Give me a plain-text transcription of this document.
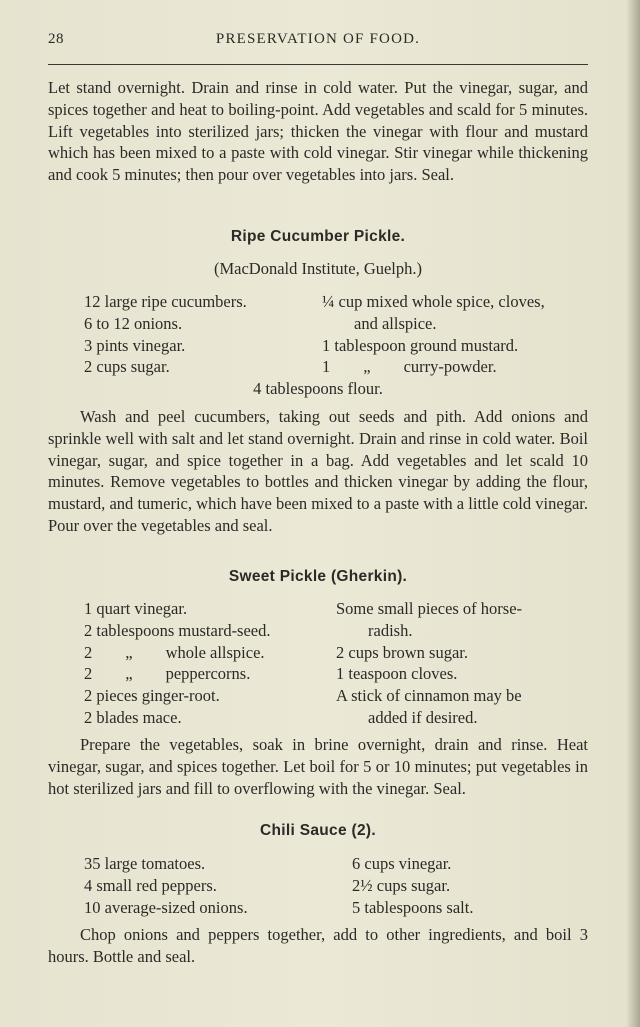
28	PRESERVATION OF FOOD.

Let stand overnight. Drain and rinse in cold water. Put the vinegar, sugar, and spices together and heat to boiling-point. Add vegetables and scald for 5 minutes. Lift vegetables into sterilized jars; thicken the vinegar with flour and mustard which has been mixed to a paste with cold vinegar. Stir vinegar while thickening and cook 5 minutes; then pour over vegetables into jars. Seal.

Ripe Cucumber Pickle.
(MacDonald Institute, Guelph.)
12 large ripe cucumbers.
6 to 12 onions.
3 pints vinegar.
2 cups sugar.
¼ cup mixed whole spice, cloves,
and allspice.
1 tablespoon ground mustard.
1        „        curry-powder.
4 tablespoons flour.

Wash and peel cucumbers, taking out seeds and pith. Add onions and sprinkle well with salt and let stand overnight. Drain and rinse in cold water. Boil vinegar, sugar, and spice together in a bag. Add vegetables and let scald 10 minutes. Remove vegetables to bottles and thicken vinegar by adding the flour, mustard, and tumeric, which have been mixed to a paste with a little cold vinegar. Pour over the vegetables and seal.

Sweet Pickle (Gherkin).
1 quart vinegar.
2 tablespoons mustard-seed.
2        „        whole allspice.
2        „        peppercorns.
2 pieces ginger-root.
2 blades mace.
Some small pieces of horse-
radish.
2 cups brown sugar.
1 teaspoon cloves.
A stick of cinnamon may be
added if desired.

Prepare the vegetables, soak in brine overnight, drain and rinse. Heat vinegar, sugar, and spices together. Let boil for 5 or 10 minutes; put vegetables in hot sterilized jars and fill to overflowing with the vinegar. Seal.

Chili Sauce (2).
35 large tomatoes.
4 small red peppers.
10 average-sized onions.
6 cups vinegar.
2½ cups sugar.
5 tablespoons salt.

Chop onions and peppers together, add to other ingredients, and boil 3 hours. Bottle and seal.
